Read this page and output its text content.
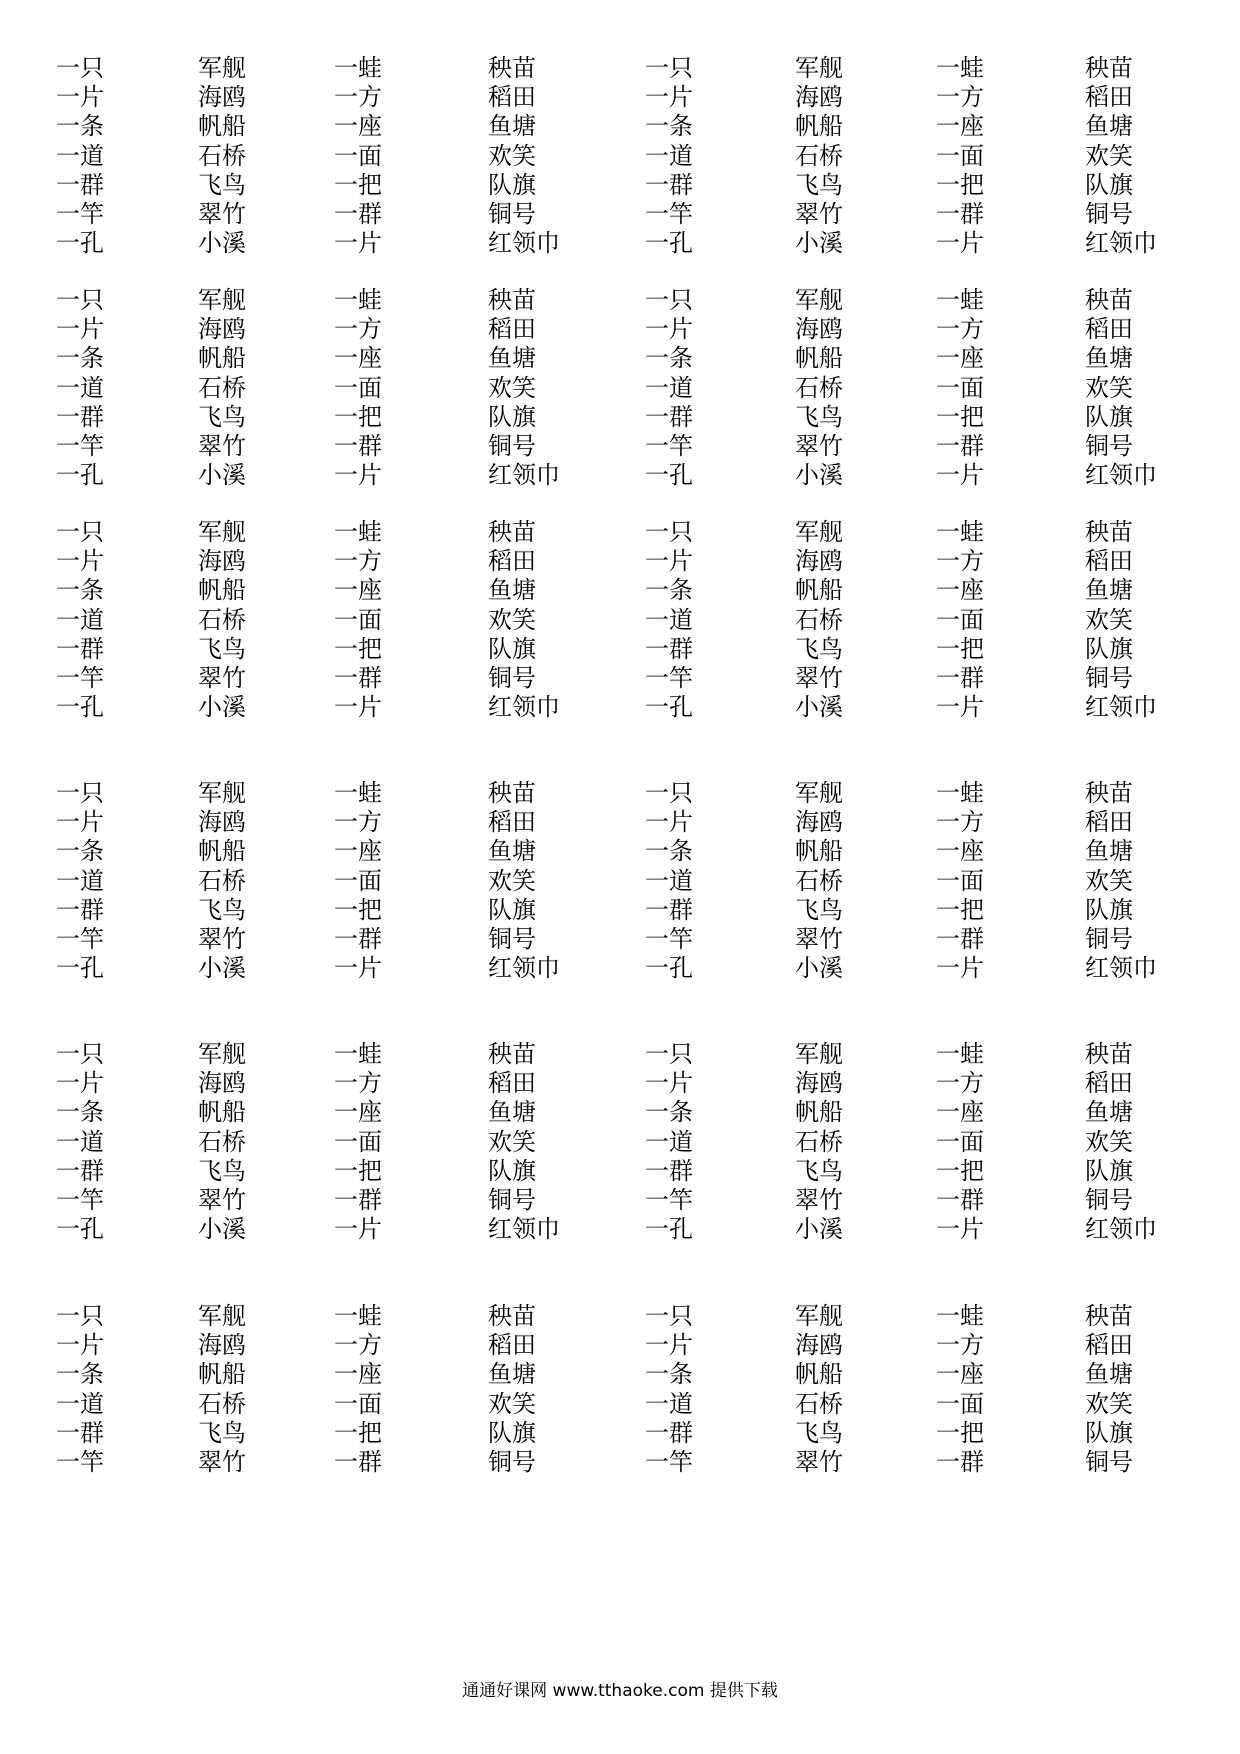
一只	军舰	一蛙	秧苗	一只	军舰	一蛙	秧苗
一片	海鸥	一方	稻田	一片	海鸥	一方	稻田
一条	帆船	一座	鱼塘	一条	帆船	一座	鱼塘
一道	石桥	一面	欢笑	一道	石桥	一面	欢笑
一群	飞鸟	一把	队旗	一群	飞鸟	一把	队旗
一竿	翠竹	一群	铜号	一竿	翠竹	一群	铜号
一孔	小溪	一片	红领巾	一孔	小溪	一片	红领巾
一只	军舰	一蛙	秧苗	一只	军舰	一蛙	秧苗
一片	海鸥	一方	稻田	一片	海鸥	一方	稻田
一条	帆船	一座	鱼塘	一条	帆船	一座	鱼塘
一道	石桥	一面	欢笑	一道	石桥	一面	欢笑
一群	飞鸟	一把	队旗	一群	飞鸟	一把	队旗
一竿	翠竹	一群	铜号	一竿	翠竹	一群	铜号
一孔	小溪	一片	红领巾	一孔	小溪	一片	红领巾
一只	军舰	一蛙	秧苗	一只	军舰	一蛙	秧苗
一片	海鸥	一方	稻田	一片	海鸥	一方	稻田
一条	帆船	一座	鱼塘	一条	帆船	一座	鱼塘
一道	石桥	一面	欢笑	一道	石桥	一面	欢笑
一群	飞鸟	一把	队旗	一群	飞鸟	一把	队旗
一竿	翠竹	一群	铜号	一竿	翠竹	一群	铜号
一孔	小溪	一片	红领巾	一孔	小溪	一片	红领巾
一只	军舰	一蛙	秧苗	一只	军舰	一蛙	秧苗
一片	海鸥	一方	稻田	一片	海鸥	一方	稻田
一条	帆船	一座	鱼塘	一条	帆船	一座	鱼塘
一道	石桥	一面	欢笑	一道	石桥	一面	欢笑
一群	飞鸟	一把	队旗	一群	飞鸟	一把	队旗
一竿	翠竹	一群	铜号	一竿	翠竹	一群	铜号
一孔	小溪	一片	红领巾	一孔	小溪	一片	红领巾
一只	军舰	一蛙	秧苗	一只	军舰	一蛙	秧苗
一片	海鸥	一方	稻田	一片	海鸥	一方	稻田
一条	帆船	一座	鱼塘	一条	帆船	一座	鱼塘
一道	石桥	一面	欢笑	一道	石桥	一面	欢笑
一群	飞鸟	一把	队旗	一群	飞鸟	一把	队旗
一竿	翠竹	一群	铜号	一竿	翠竹	一群	铜号
一孔	小溪	一片	红领巾	一孔	小溪	一片	红领巾
一只	军舰	一蛙	秧苗	一只	军舰	一蛙	秧苗
一片	海鸥	一方	稻田	一片	海鸥	一方	稻田
一条	帆船	一座	鱼塘	一条	帆船	一座	鱼塘
一道	石桥	一面	欢笑	一道	石桥	一面	欢笑
一群	飞鸟	一把	队旗	一群	飞鸟	一把	队旗
一竿	翠竹	一群	铜号	一竿	翠竹	一群	铜号
通通好课网 www.tthaoke.com 提供下载
